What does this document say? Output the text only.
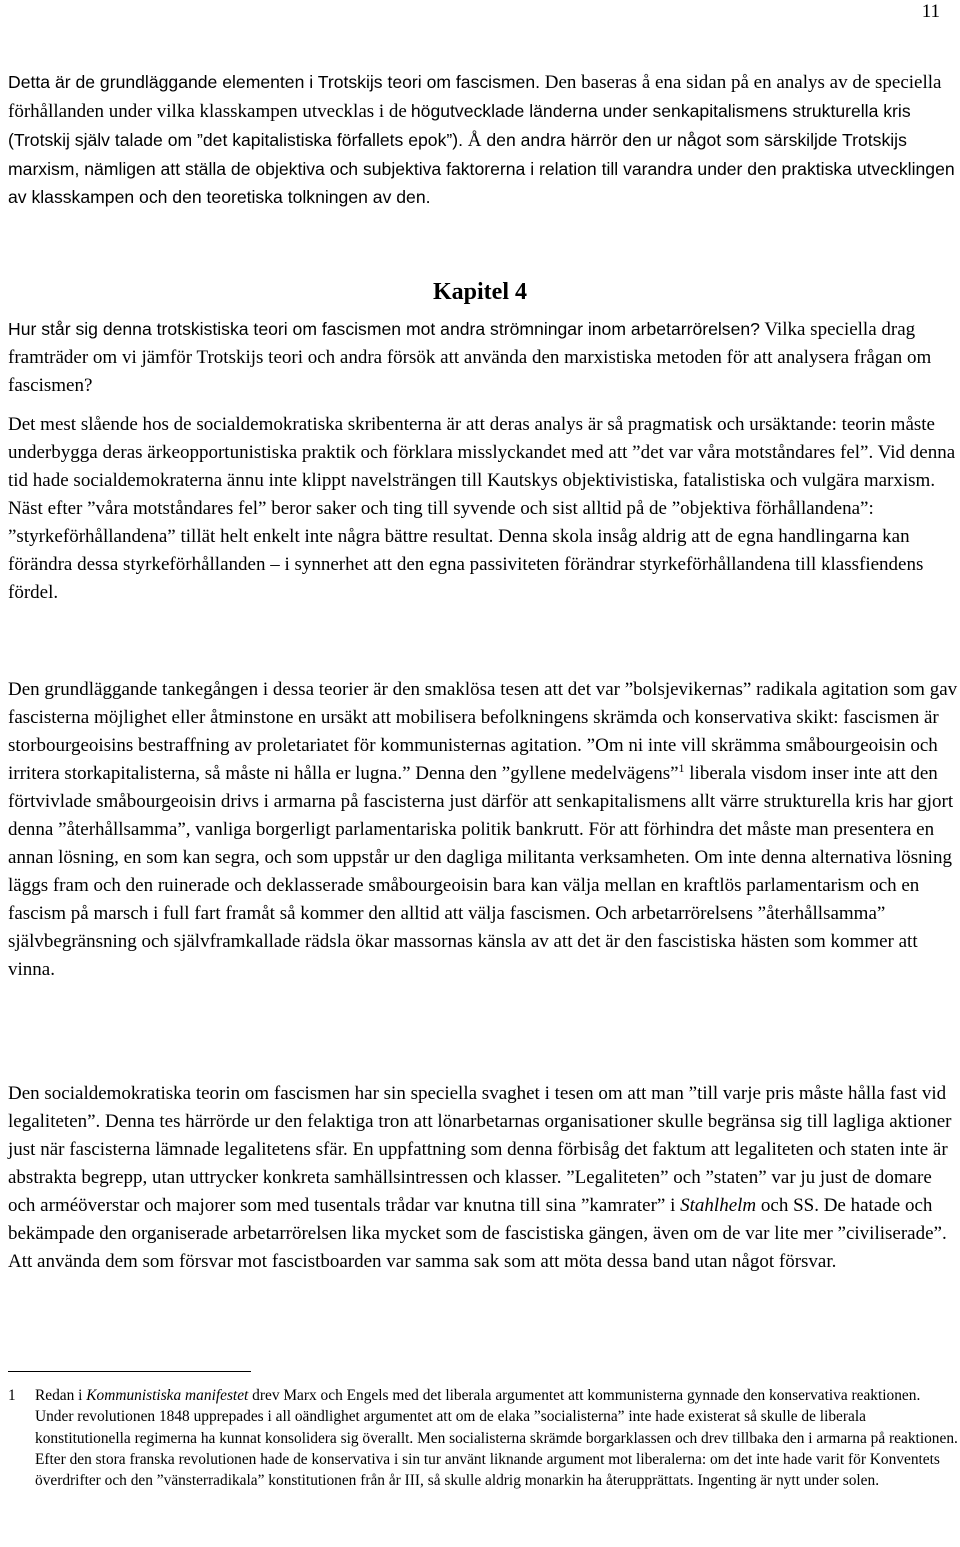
11

Detta är de grundläggande elementen i Trotskijs teori om fascismen. Den baseras å ena sidan på en analys av de speciella förhållanden under vilka klasskampen utvecklas i de högutvecklade länderna under senkapitalismens strukturella kris (Trotskij själv talade om ”det kapitalistiska förfallets epok”). Å den andra härrör den ur något som särskiljde Trotskijs marxism, nämligen att ställa de objektiva och subjektiva faktorerna i relation till varandra under den praktiska utvecklingen av klasskampen och den teoretiska tolkningen av den.

Kapitel 4

Hur står sig denna trotskistiska teori om fascismen mot andra strömningar inom arbetarrörelsen? Vilka speciella drag framträder om vi jämför Trotskijs teori och andra försök att använda den marxistiska metoden för att analysera frågan om fascismen?

Det mest slående hos de socialdemokratiska skribenterna är att deras analys är så pragmatisk och ursäktande: teorin måste underbygga deras ärkeopportunistiska praktik och förklara misslyckandet med att ”det var våra motståndares fel”. Vid denna tid hade socialdemokraterna ännu inte klippt navelsträngen till Kautskys objektivistiska, fatalistiska och vulgära marxism. Näst efter ”våra motståndares fel” beror saker och ting till syvende och sist alltid på de ”objektiva förhållandena”: ”styrkeförhållandena” tillät helt enkelt inte några bättre resultat. Denna skola insåg aldrig att de egna handlingarna kan förändra dessa styrkeförhållanden – i synnerhet att den egna passiviteten förändrar styrkeförhållandena till klassfiendens fördel.

Den grundläggande tankegången i dessa teorier är den smaklösa tesen att det var ”bolsjevikernas” radikala agitation som gav fascisterna möjlighet eller åtminstone en ursäkt att mobilisera befolkningens skrämda och konservativa skikt: fascismen är storbourgeoisins bestraffning av proletariatet för kommunisternas agitation. ”Om ni inte vill skrämma småbourgeoisin och irritera storkapitalisterna, så måste ni hålla er lugna.” Denna den ”gyllene medelvägens”$^1$ liberala visdom inser inte att den förtvivlade småbourgeoisin drivs i armarna på fascisterna just därför att senkapitalismens allt värre strukturella kris har gjort denna ”återhållsamma”, vanliga borgerligt parlamentariska politik bankrutt. För att förhindra det måste man presentera en annan lösning, en som kan segra, och som uppstår ur den dagliga militanta verksamheten. Om inte denna alternativa lösning läggs fram och den ruinerade och deklasserade småbourgeoisin bara kan välja mellan en kraftlös parlamentarism och en fascism på marsch i full fart framåt så kommer den alltid att välja fascismen. Och arbetarrörelsens ”återhållsamma” självbegränsning och självframkallade rädsla ökar massornas känsla av att det är den fascistiska hästen som kommer att vinna.

Den socialdemokratiska teorin om fascismen har sin speciella svaghet i tesen om att man ”till varje pris måste hålla fast vid legaliteten”. Denna tes härrörde ur den felaktiga tron att lönarbetarnas organisationer skulle begränsa sig till lagliga aktioner just när fascisterna lämnade legalitetens sfär. En uppfattning som denna förbisåg det faktum att legaliteten och staten inte är abstrakta begrepp, utan uttrycker konkreta samhällsintressen och klasser. ”Legaliteten” och ”staten” var ju just de domare och arméöverstar och majorer som med tusentals trådar var knutna till sina ”kamrater” i Stahlhelm och SS. De hatade och bekämpade den organiserade arbetarrörelsen lika mycket som de fascistiska gängen, även om de var lite mer ”civiliserade”. Att använda dem som försvar mot fascistboarden var samma sak som att möta dessa band utan något försvar.

1 Redan i Kommunistiska manifestet drev Marx och Engels med det liberala argumentet att kommunisterna gynnade den konservativa reaktionen. Under revolutionen 1848 upprepades i all oändlighet argumentet att om de elaka ”socialisterna” inte hade existerat så skulle de liberala konstitutionella regimerna ha kunnat konsolidera sig överallt. Men socialisterna skrämde borgarklassen och drev tillbaka den i armarna på reaktionen. Efter den stora franska revolutionen hade de konservativa i sin tur använt liknande argument mot liberalerna: om det inte hade varit för Konventets överdrifter och den ”vänsterradikala” konstitutionen från år III, så skulle aldrig monarkin ha återupprättats. Ingenting är nytt under solen.
